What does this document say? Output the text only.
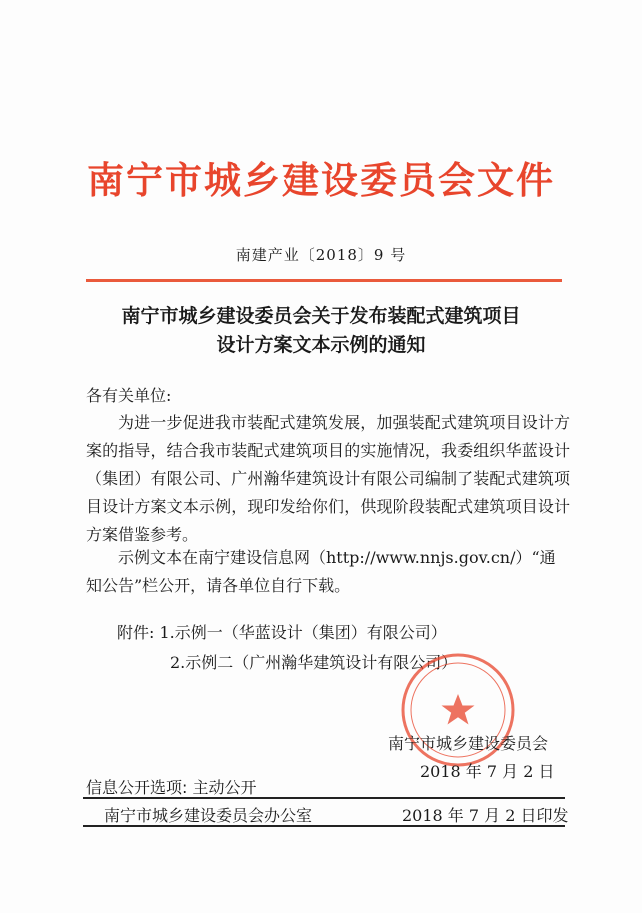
南宁市城乡建设委员会文件
南建产业〔2018〕9 号
南宁市城乡建设委员会关于发布装配式建筑项目
设计方案文本示例的通知
各有关单位:

为进一步促进我市装配式建筑发展，加强装配式建筑项目设计方案的指导，结合我市装配式建筑项目的实施情况，我委组织华蓝设计（集团）有限公司、广州瀚华建筑设计有限公司编制了装配式建筑项目设计方案文本示例，现印发给你们，供现阶段装配式建筑项目设计方案借鉴参考。

示例文本在南宁建设信息网（http://www.nnjs.gov.cn/）“通知公告”栏公开，请各单位自行下载。

附件: 1.示例一（华蓝设计（集团）有限公司）
2.示例二（广州瀚华建筑设计有限公司）
南宁市城乡建设委员会
2018 年 7 月 2 日
信息公开选项: 主动公开
南宁市城乡建设委员会办公室	2018 年 7 月 2 日印发
